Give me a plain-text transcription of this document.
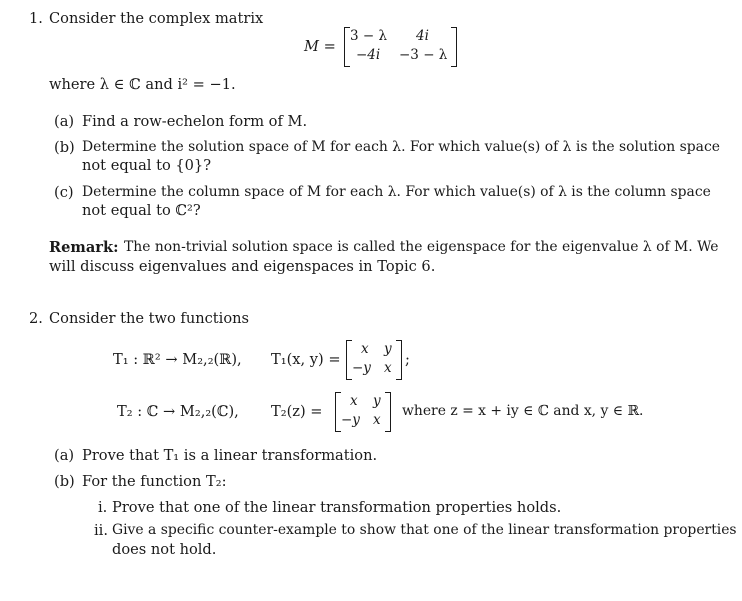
1. Consider the complex matrix
M =
3 − λ 4i
−4i −3 − λ
where λ ∈ ℂ and i² = −1.
(a) Find a row-echelon form of M.
(b) Determine the solution space of M for each λ. For which value(s) of λ is the solution space
not equal to {0}?
(c) Determine the column space of M for each λ. For which value(s) of λ is the column space
not equal to ℂ²?
Remark: The non-trivial solution space is called the eigenspace for the eigenvalue λ of M. We
will discuss eigenvalues and eigenspaces in Topic 6.
2. Consider the two functions
T₁ : ℝ² → M₂,₂(ℝ), T₁(x, y) =
x y
−y x ;
T₂ : ℂ → M₂,₂(ℂ), T₂(z) =
x y
−y x
where z = x + iy ∈ ℂ and x, y ∈ ℝ.
(a) Prove that T₁ is a linear transformation.
(b) For the function T₂:
i. Prove that one of the linear transformation properties holds.
ii. Give a specific counter-example to show that one of the linear transformation properties
does not hold.
